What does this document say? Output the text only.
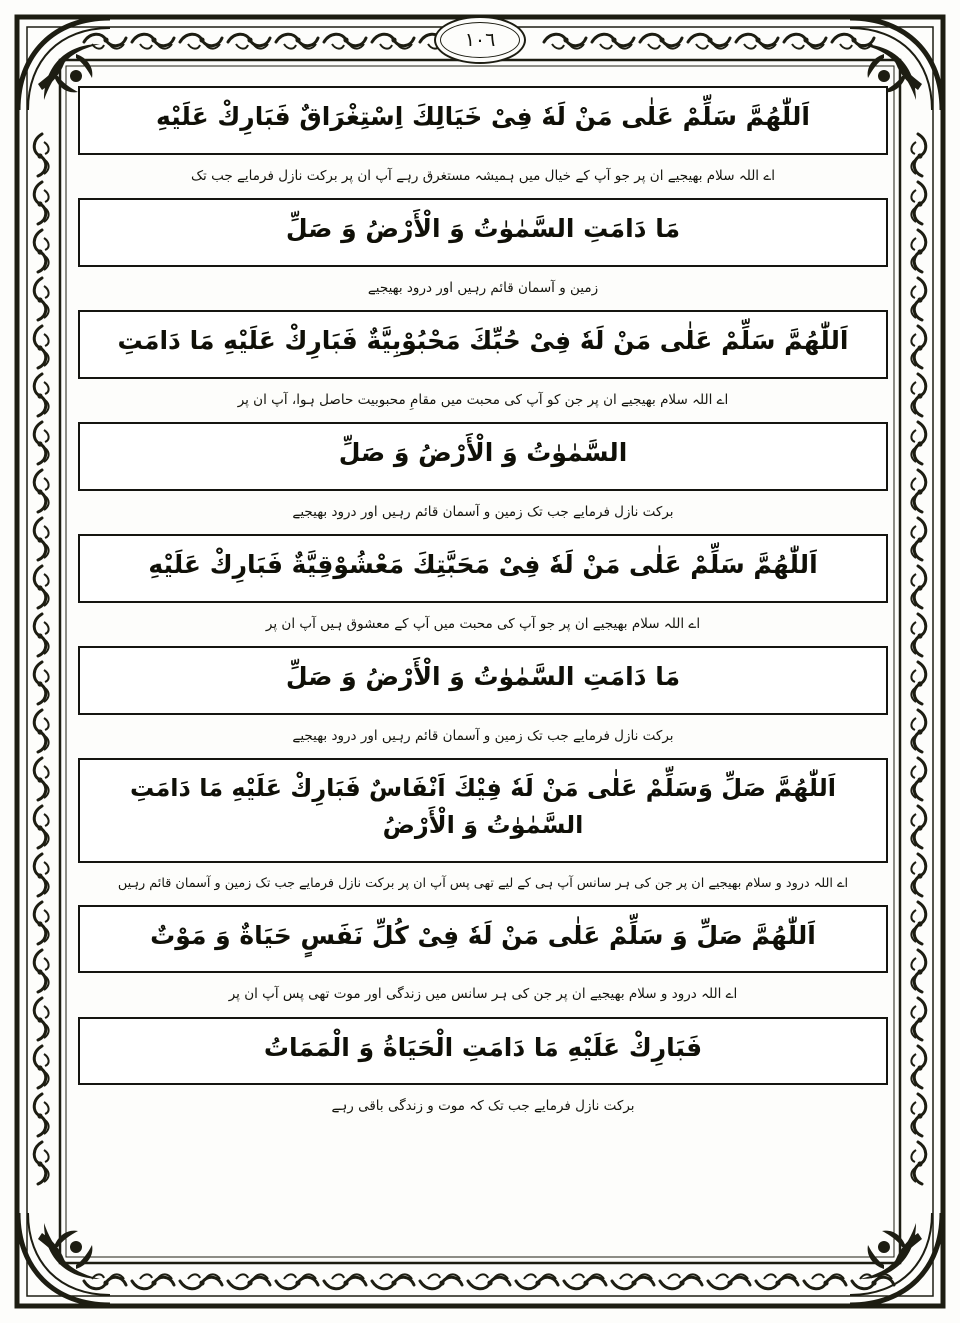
١٠٦
اَللّٰهُمَّ سَلِّمْ عَلٰى مَنْ لَهٗ فِىْ خَيَالِكَ اِسْتِغْرَاقٌ فَبَارِكْ عَلَيْهِ
اے اللہ سلام بھیجیے ان پر جو آپ کے خیال میں ہمیشہ مستغرق رہے آپ ان پر برکت نازل فرمایے جب تک
مَا دَامَتِ السَّمٰوٰتُ وَ الْأَرْضُ وَ صَلِّ
زمین و آسمان قائم رہیں اور درود بھیجیے
اَللّٰهُمَّ سَلِّمْ عَلٰى مَنْ لَهٗ فِىْ حُبِّكَ مَحْبُوْبِيَّةٌ فَبَارِكْ عَلَيْهِ مَا دَامَتِ
اے اللہ سلام بھیجیے ان پر جن کو آپ کی محبت میں مقامِ محبوبیت حاصل ہوا، آپ ان پر
السَّمٰوٰتُ وَ الْأَرْضُ وَ صَلِّ
برکت نازل فرمایے جب تک زمین و آسمان قائم رہیں اور درود بھیجیے
اَللّٰهُمَّ سَلِّمْ عَلٰى مَنْ لَهٗ فِىْ مَحَبَّتِكَ مَعْشُوْقِيَّةٌ فَبَارِكْ عَلَيْهِ
اے اللہ سلام بھیجیے ان پر جو آپ کی محبت میں آپ کے معشوق ہیں آپ ان پر
مَا دَامَتِ السَّمٰوٰتُ وَ الْأَرْضُ وَ صَلِّ
برکت نازل فرمایے جب تک زمین و آسمان قائم رہیں اور درود بھیجیے
اَللّٰهُمَّ صَلِّ وَسَلِّمْ عَلٰى مَنْ لَهٗ فِيْكَ اَنْفَاسٌ فَبَارِكْ عَلَيْهِ مَا دَامَتِ السَّمٰوٰتُ وَ الْأَرْضُ
اے اللہ درود و سلام بھیجیے ان پر جن کی ہر سانس آپ ہی کے لیے تھی پس آپ ان پر برکت نازل فرمایے جب تک زمین و آسمان قائم رہیں
اَللّٰهُمَّ صَلِّ وَ سَلِّمْ عَلٰى مَنْ لَهٗ فِىْ كُلِّ نَفَسٍ حَيَاةٌ وَ مَوْتٌ
اے اللہ درود و سلام بھیجیے ان پر جن کی ہر سانس میں زندگی اور موت تھی پس آپ ان پر
فَبَارِكْ عَلَيْهِ مَا دَامَتِ الْحَيَاةُ وَ الْمَمَاتُ
برکت نازل فرمایے جب تک کہ موت و زندگی باقی رہے
